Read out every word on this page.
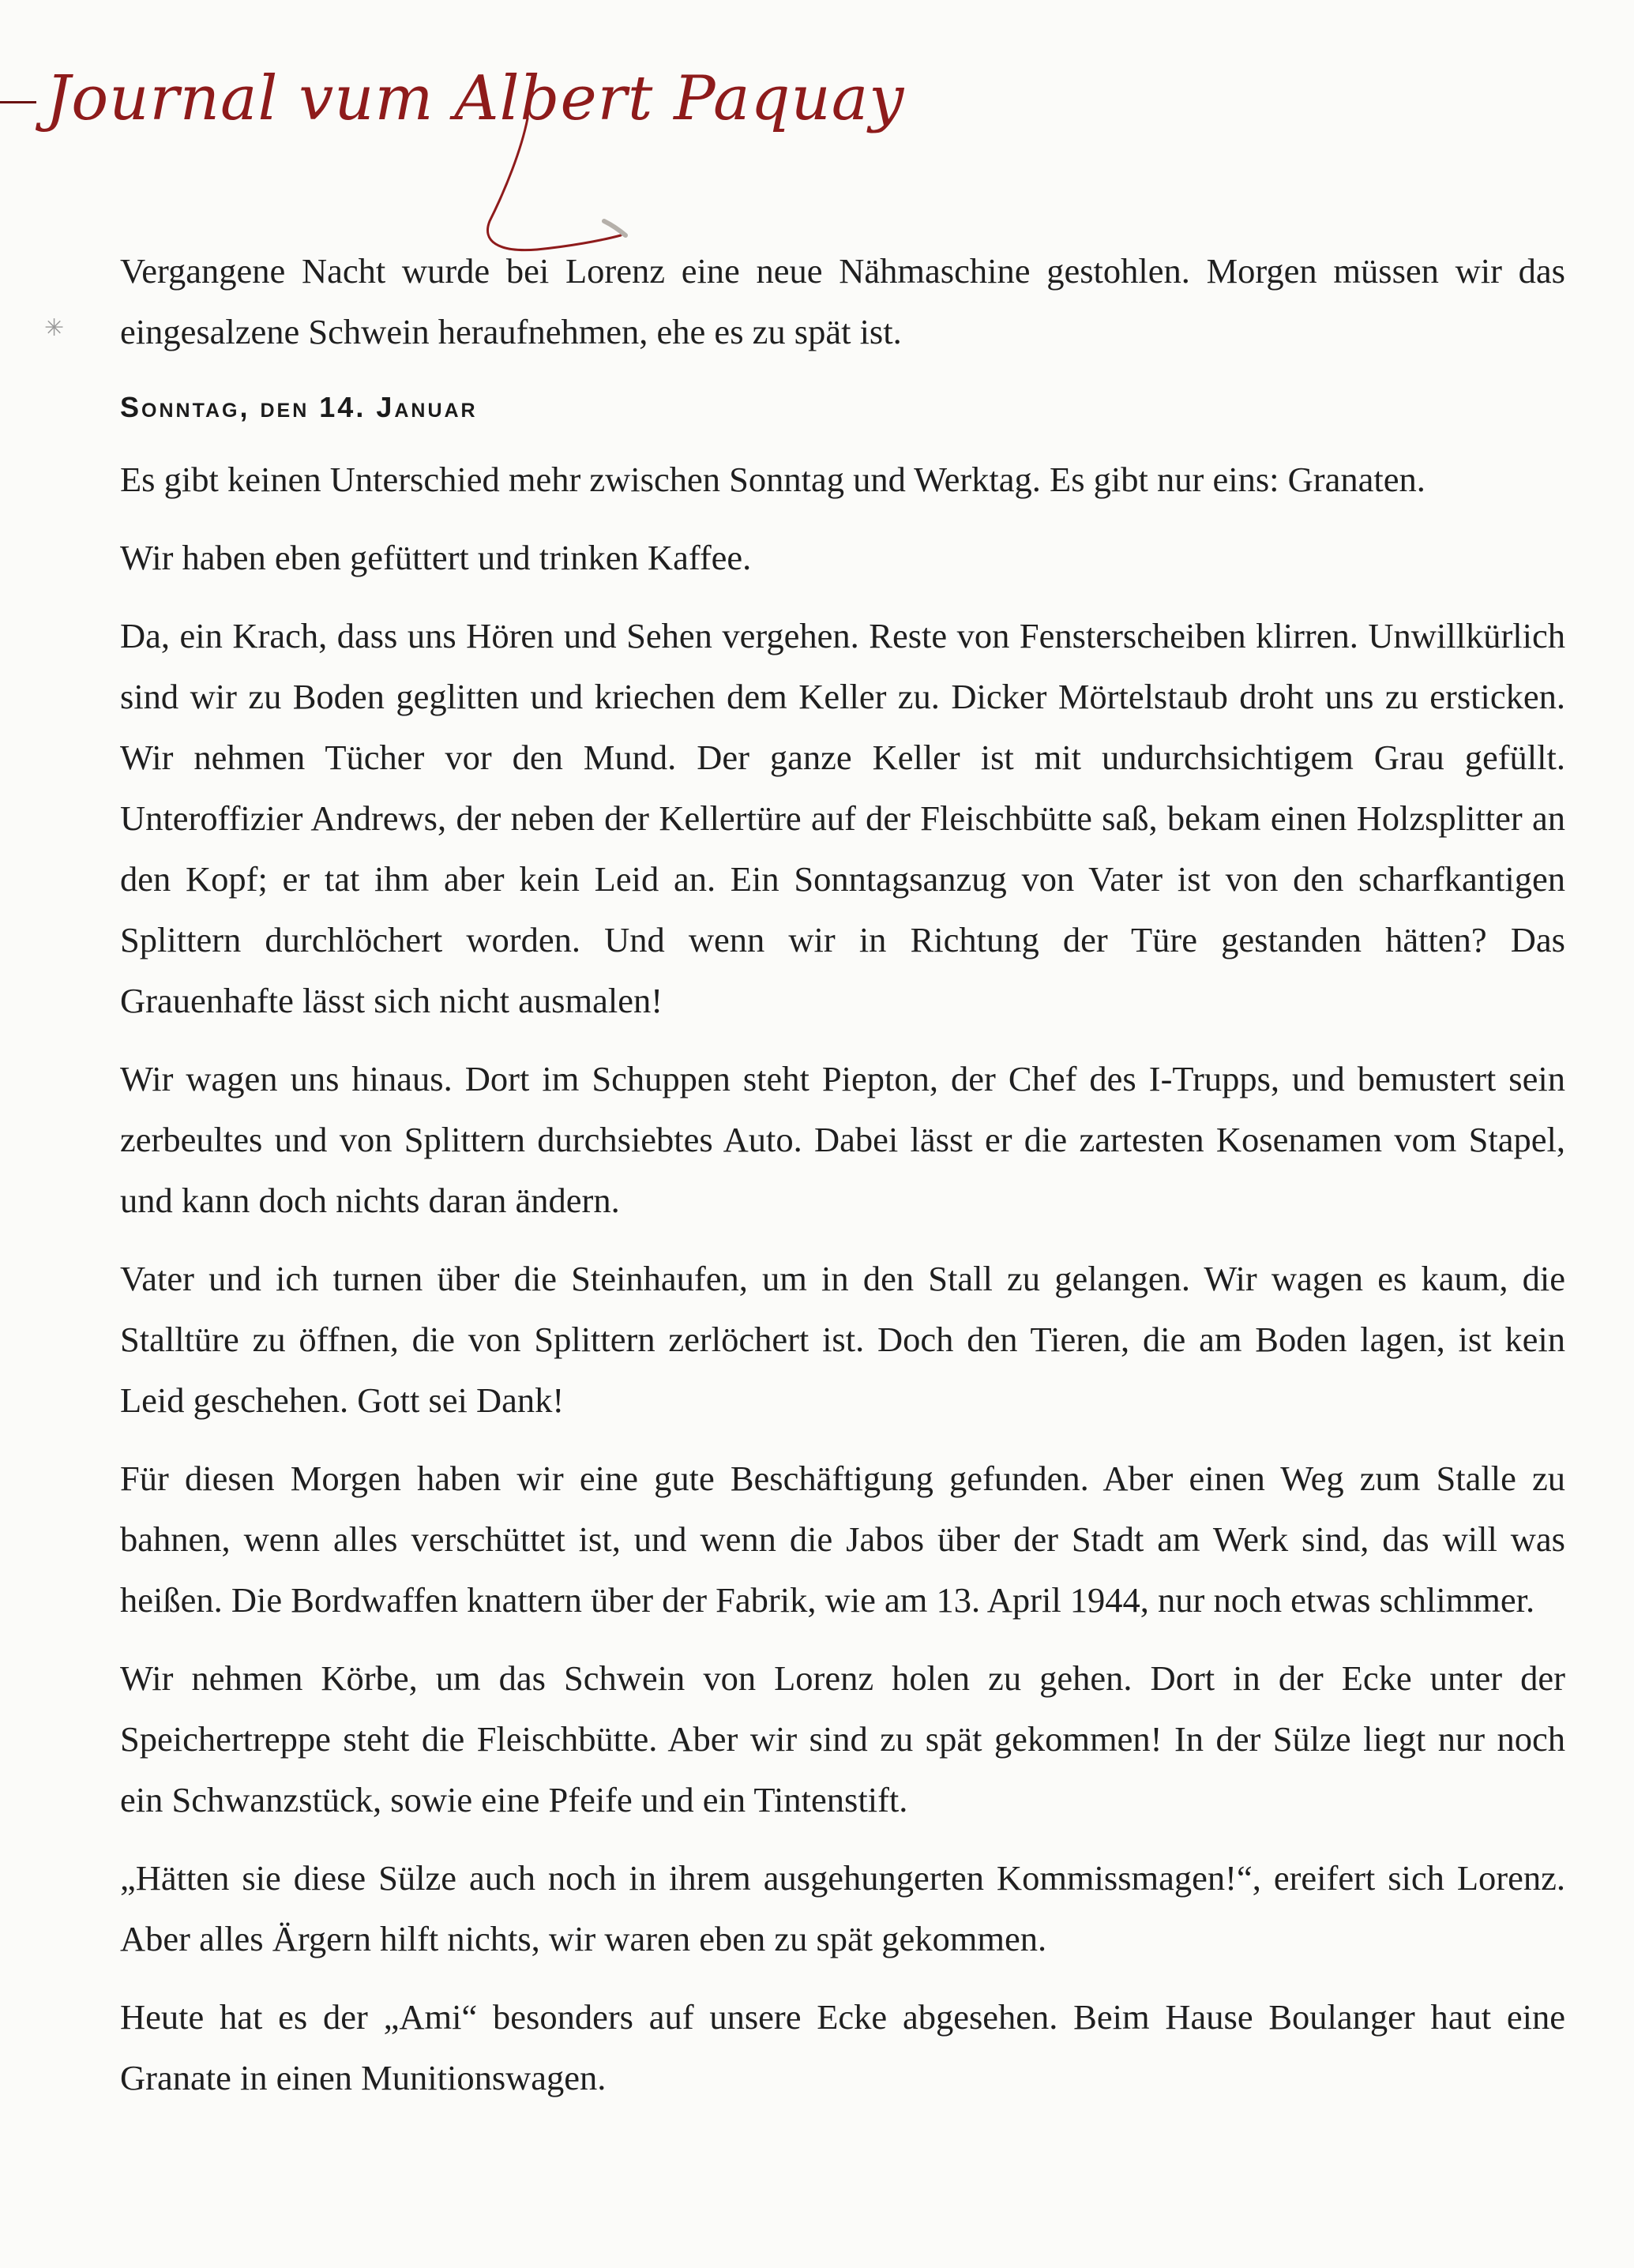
Journal vum Albert Paquay
✳

Vergangene Nacht wurde bei Lorenz eine neue Nähmaschine gestohlen. Morgen müssen wir das eingesalzene Schwein heraufnehmen, ehe es zu spät ist.

Sonntag, den 14. Januar

Es gibt keinen Unterschied mehr zwischen Sonntag und Werktag. Es gibt nur eins: Granaten.

Wir haben eben gefüttert und trinken Kaffee.

Da, ein Krach, dass uns Hören und Sehen vergehen. Reste von Fensterscheiben klirren. Unwillkürlich sind wir zu Boden geglitten und kriechen dem Keller zu. Dicker Mörtelstaub droht uns zu ersticken. Wir nehmen Tücher vor den Mund. Der ganze Keller ist mit undurchsichtigem Grau gefüllt. Unteroffizier Andrews, der neben der Kellertüre auf der Fleischbütte saß, bekam einen Holzsplitter an den Kopf; er tat ihm aber kein Leid an. Ein Sonntagsanzug von Vater ist von den scharfkantigen Splittern durchlöchert worden. Und wenn wir in Richtung der Türe gestanden hätten? Das Grauenhafte lässt sich nicht ausmalen!

Wir wagen uns hinaus. Dort im Schuppen steht Piepton, der Chef des I-Trupps, und bemustert sein zerbeultes und von Splittern durchsiebtes Auto. Dabei lässt er die zartesten Kosenamen vom Stapel, und kann doch nichts daran ändern.

Vater und ich turnen über die Steinhaufen, um in den Stall zu gelangen. Wir wagen es kaum, die Stalltüre zu öffnen, die von Splittern zerlöchert ist. Doch den Tieren, die am Boden lagen, ist kein Leid geschehen. Gott sei Dank!

Für diesen Morgen haben wir eine gute Beschäftigung gefunden. Aber einen Weg zum Stalle zu bahnen, wenn alles verschüttet ist, und wenn die Jabos über der Stadt am Werk sind, das will was heißen. Die Bordwaffen knattern über der Fabrik, wie am 13. April 1944, nur noch etwas schlimmer.

Wir nehmen Körbe, um das Schwein von Lorenz holen zu gehen. Dort in der Ecke unter der Speichertreppe steht die Fleischbütte. Aber wir sind zu spät gekommen! In der Sülze liegt nur noch ein Schwanzstück, sowie eine Pfeife und ein Tintenstift.

„Hätten sie diese Sülze auch noch in ihrem ausgehungerten Kommissmagen!“, ereifert sich Lorenz. Aber alles Ärgern hilft nichts, wir waren eben zu spät gekommen.

Heute hat es der „Ami“ besonders auf unsere Ecke abgesehen. Beim Hause Boulanger haut eine Granate in einen Munitionswagen.
